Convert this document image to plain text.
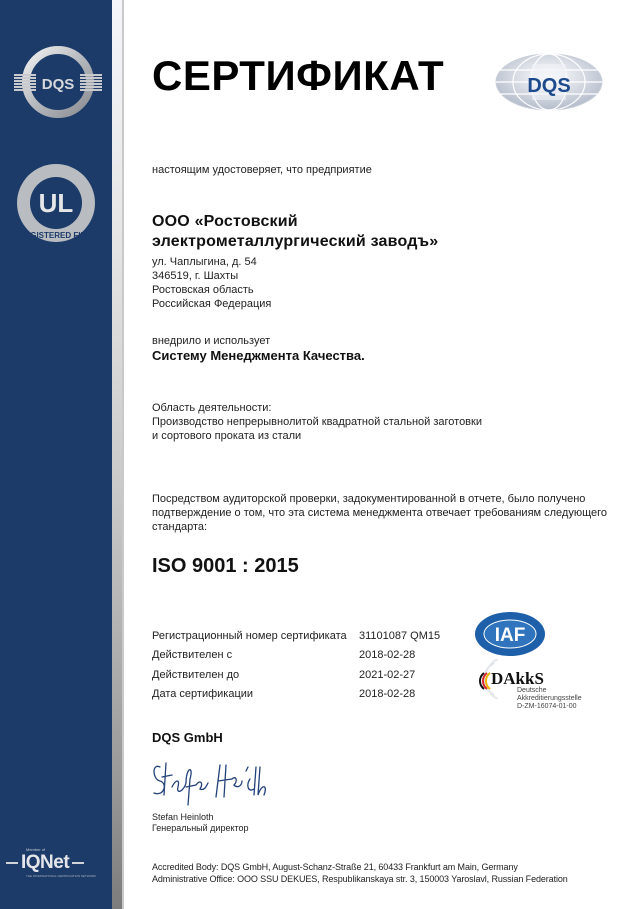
DQS
UL
REGISTERED FIRM
Member of
IQNet
THE INTERNATIONAL CERTIFICATION NETWORK
СЕРТИФИКАТ	DQS
настоящим удостоверяет, что предприятие
ООО «Ростовский
электрометаллургический заводъ»
ул. Чаплыгина, д. 54
346519, г. Шахты
Ростовская область
Российская Федерация
внедрило и использует
Систему Менеджмента Качества.
Область деятельности:
Производство непрерывнолитой квадратной стальной заготовки
и сортового проката из стали
Посредством аудиторской проверки, задокументированной в отчете, было получено
подтверждение о том, что эта система менеджмента отвечает требованиям следующего
стандарта:
ISO 9001 : 2015
Регистрационный номер сертификата	31101087 QM15
Действителен с	2018-02-28
Действителен до	2021-02-27
Дата сертификации	2018-02-28
IAF
DAkkS
Deutsche
Akkreditierungsstelle
D-ZM-16074-01-00
DQS GmbH
Stefan Heinloth
Генеральный директор
Accredited Body: DQS GmbH, August-Schanz-Straße 21, 60433 Frankfurt am Main, Germany
Administrative Office: OOO SSU DEKUES, Respublikanskaya str. 3, 150003 Yaroslavl, Russian Federation
